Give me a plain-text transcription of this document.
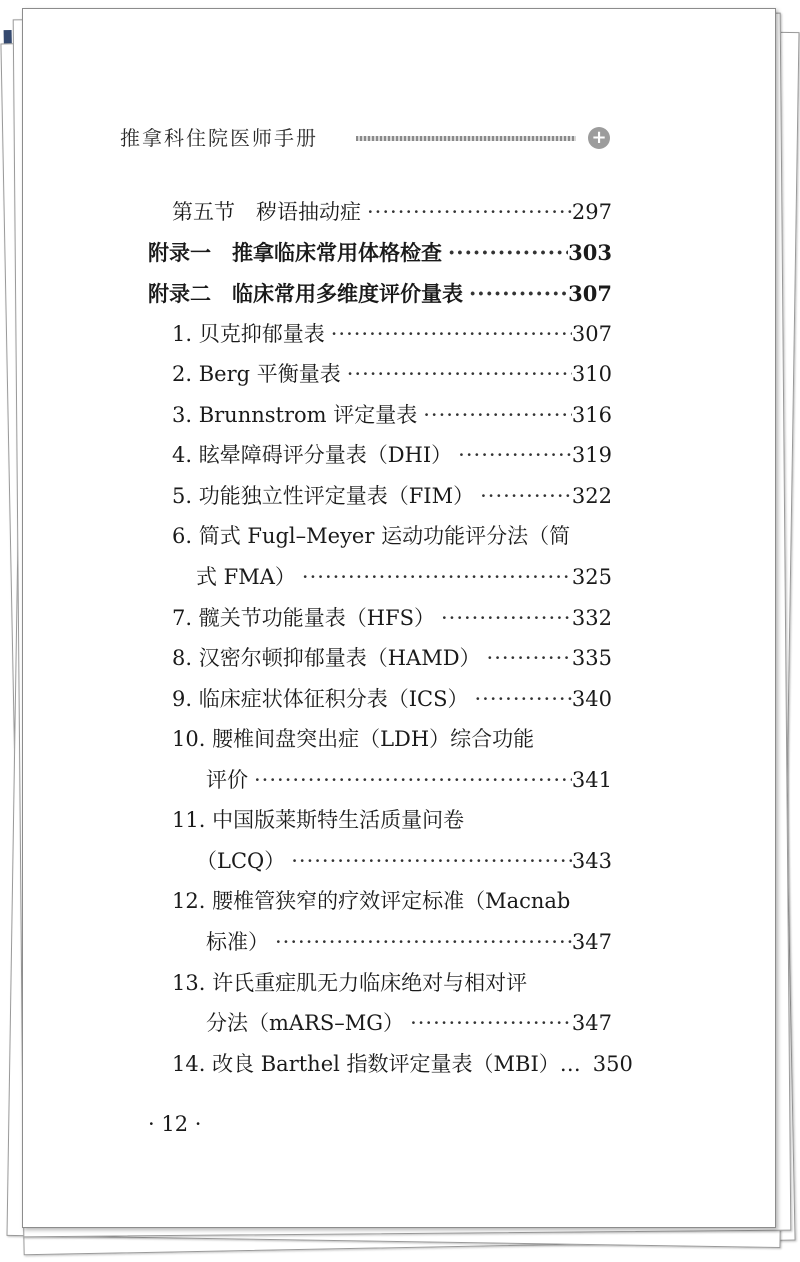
推拿科住院医师手册	+
第五节　秽语抽动症 ·····	297
附录一　推拿临床常用体格检查 ·····	303
附录二　临床常用多维度评价量表 ·····	307
1. 贝克抑郁量表 ·····	307
2. Berg 平衡量表 ·····	310
3. Brunnstrom 评定量表 ·····	316
4. 眩晕障碍评分量表（DHI） ·····	319
5. 功能独立性评定量表（FIM） ·····	322
6. 简式 Fugl–Meyer 运动功能评分法（简
式 FMA） ·····	325
7. 髋关节功能量表（HFS） ·····	332
8. 汉密尔顿抑郁量表（HAMD） ·····	335
9. 临床症状体征积分表（ICS） ·····	340
10. 腰椎间盘突出症（LDH）综合功能
评价 ·····	341
11. 中国版莱斯特生活质量问卷
（LCQ） ·····	343
12. 腰椎管狭窄的疗效评定标准（Macnab
标准） ·····	347
13. 许氏重症肌无力临床绝对与相对评
分法（mARS–MG） ·····	347
14. 改良 Barthel 指数评定量表（MBI）… 350
· 12 ·
